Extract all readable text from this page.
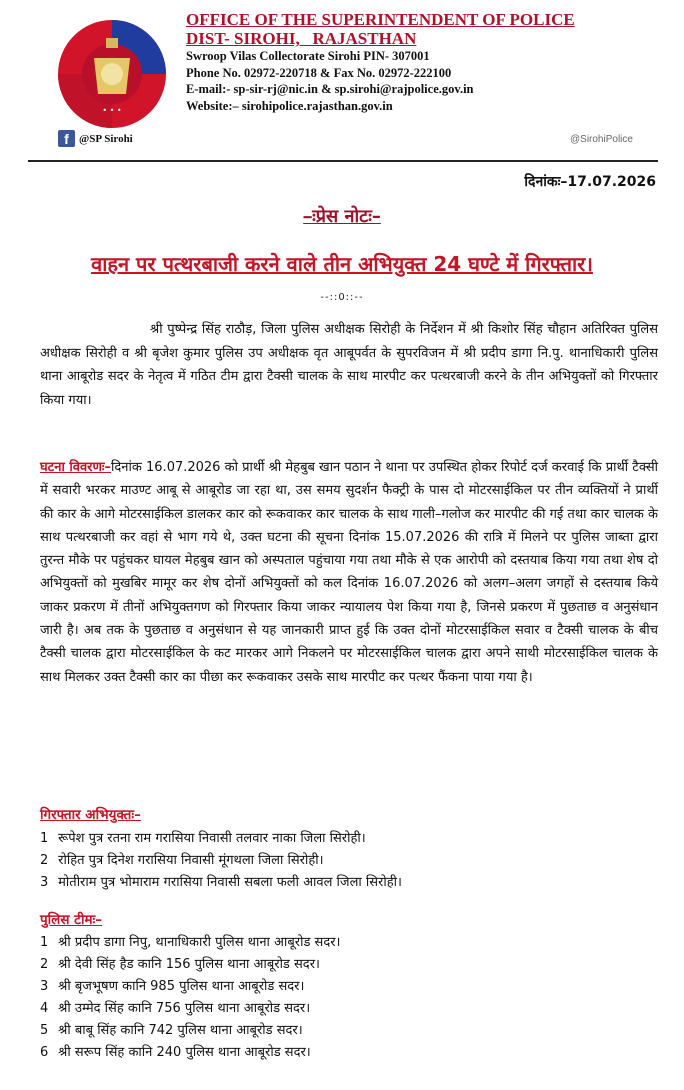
• • •
OFFICE OF THE SUPERINTENDENT OF POLICE
DIST- SIROHI,   RAJASTHAN
Swroop Vilas Collectorate Sirohi PIN- 307001
Phone No. 02972-220718 & Fax No. 02972-222100
E-mail:- sp-sir-rj@nic.in & sp.sirohi@rajpolice.gov.in
Website:– sirohipolice.rajasthan.gov.in
f @SP Sirohi	@SirohiPolice
दिनांकः–17.07.2026
–ःप्रेस नोटः–
वाहन पर पत्थरबाजी करने वाले तीन अभियुक्त 24 घण्टे में गिरफ्तार।
--::0::--
श्री पुष्पेन्द्र सिंह राठौड़, जिला पुलिस अधीक्षक सिरोही के निर्देशन में श्री किशोर सिंह चौहान अतिरिक्त पुलिस अधीक्षक सिरोही व श्री बृजेश कुमार पुलिस उप अधीक्षक वृत आबूपर्वत के सुपरविजन में श्री प्रदीप डागा नि.पु. थानाधिकारी पुलिस थाना आबूरोड सदर के नेतृत्व में गठित टीम द्वारा टैक्सी चालक के साथ मारपीट कर पत्थरबाजी करने के तीन अभियुक्तों को गिरफ्तार किया गया।
घटना विवरणः–दिनांक 16.07.2026 को प्रार्थी श्री मेहबुब खान पठान ने थाना पर उपस्थित होकर रिपोर्ट दर्ज करवाई कि प्रार्थी टैक्सी में सवारी भरकर माउण्ट आबू से आबूरोड जा रहा था, उस समय सुदर्शन फैक्ट्री के पास दो मोटरसाईकिल पर तीन व्यक्तियों ने प्रार्थी की कार के आगे मोटरसाईकिल डालकर कार को रूकवाकर कार चालक के साथ गाली–गलोज कर मारपीट की गई तथा कार चालक के साथ पत्थरबाजी कर वहां से भाग गये थे, उक्त घटना की सूचना दिनांक 15.07.2026 की रात्रि में मिलने पर पुलिस जाब्ता द्वारा तुरन्त मौके पर पहुंचकर घायल मेहबुब खान को अस्पताल पहुंचाया गया तथा मौके से एक आरोपी को दस्तयाब किया गया तथा शेष दो अभियुक्तों को मुखबिर मामूर कर शेष दोनों अभियुक्तों को कल दिनांक 16.07.2026 को अलग–अलग जगहों से दस्तयाब किये जाकर प्रकरण में तीनों अभियुक्तगण को गिरफ्तार किया जाकर न्यायालय पेश किया गया है, जिनसे प्रकरण में पुछताछ व अनुसंधान जारी है। अब तक के पुछताछ व अनुसंधान से यह जानकारी प्राप्त हुई कि उक्त दोनों मोटरसाईकिल सवार व टैक्सी चालक के बीच टैक्सी चालक द्वारा मोटरसाईकिल के कट मारकर आगे निकलने पर मोटरसाईकिल चालक द्वारा अपने साथी मोटरसाईकिल चालक के साथ मिलकर उक्त टैक्सी कार का पीछा कर रूकवाकर उसके साथ मारपीट कर पत्थर फैंकना पाया गया है।
गिरफ्तार अभियुक्तः–
1 रूपेश पुत्र रतना राम गरासिया निवासी तलवार नाका जिला सिरोही।
2 रोहित पुत्र दिनेश गरासिया निवासी मूंगथला जिला सिरोही।
3 मोतीराम पुत्र भोमाराम गरासिया निवासी सबला फली आवल जिला सिरोही।
पुलिस टीमः–
1 श्री प्रदीप डागा निपु, थानाधिकारी पुलिस थाना आबूरोड सदर।
2 श्री देवी सिंह हैड कानि 156 पुलिस थाना आबूरोड सदर।
3 श्री बृजभूषण कानि 985 पुलिस थाना आबूरोड सदर।
4 श्री उम्मेद सिंह कानि 756 पुलिस थाना आबूरोड सदर।
5 श्री बाबू सिंह कानि 742 पुलिस थाना आबूरोड सदर।
6 श्री सरूप सिंह कानि 240 पुलिस थाना आबूरोड सदर।
